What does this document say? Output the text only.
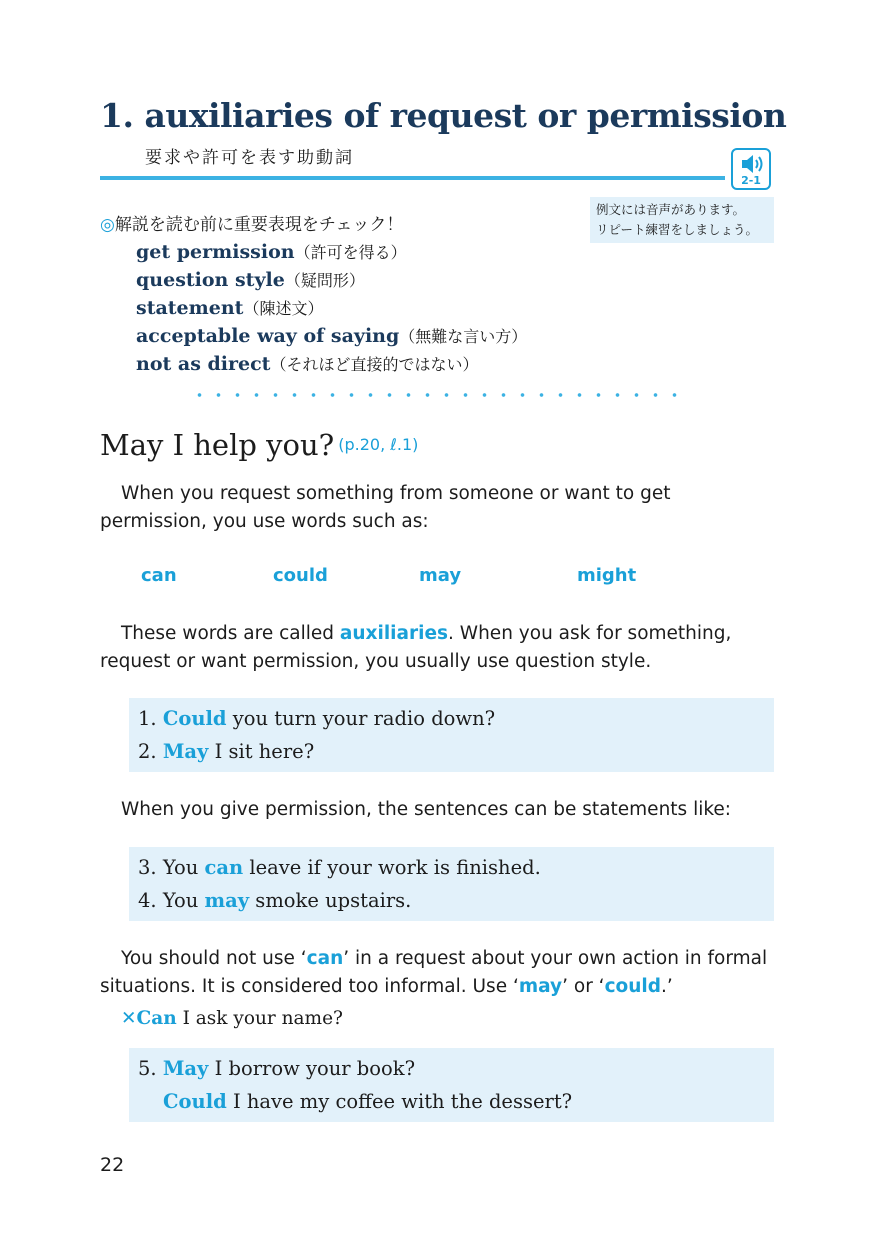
1. auxiliaries of request or permission
要求や許可を表す助動詞
2-1
例文には音声があります。
リピート練習をしましょう。
◎解説を読む前に重要表現をチェック！
get permission（許可を得る）
question style（疑問形）
statement（陳述文）
acceptable way of saying（無難な言い方）
not as direct（それほど直接的ではない）
May I help you? (p.20, ℓ.1)

When you request something from someone or want to get permission, you use words such as:

can	could	may	might

These words are called auxiliaries. When you ask for something, request or want permission, you usually use question style.

1. Could you turn your radio down?
2. May I sit here?

When you give permission, the sentences can be statements like:

3. You can leave if your work is finished.
4. You may smoke upstairs.

You should not use ‘can’ in a request about your own action in formal situations. It is considered too informal. Use ‘may’ or ‘could.’

✕Can I ask your name?
5. May I borrow your book?
Could I have my coffee with the dessert?
22
